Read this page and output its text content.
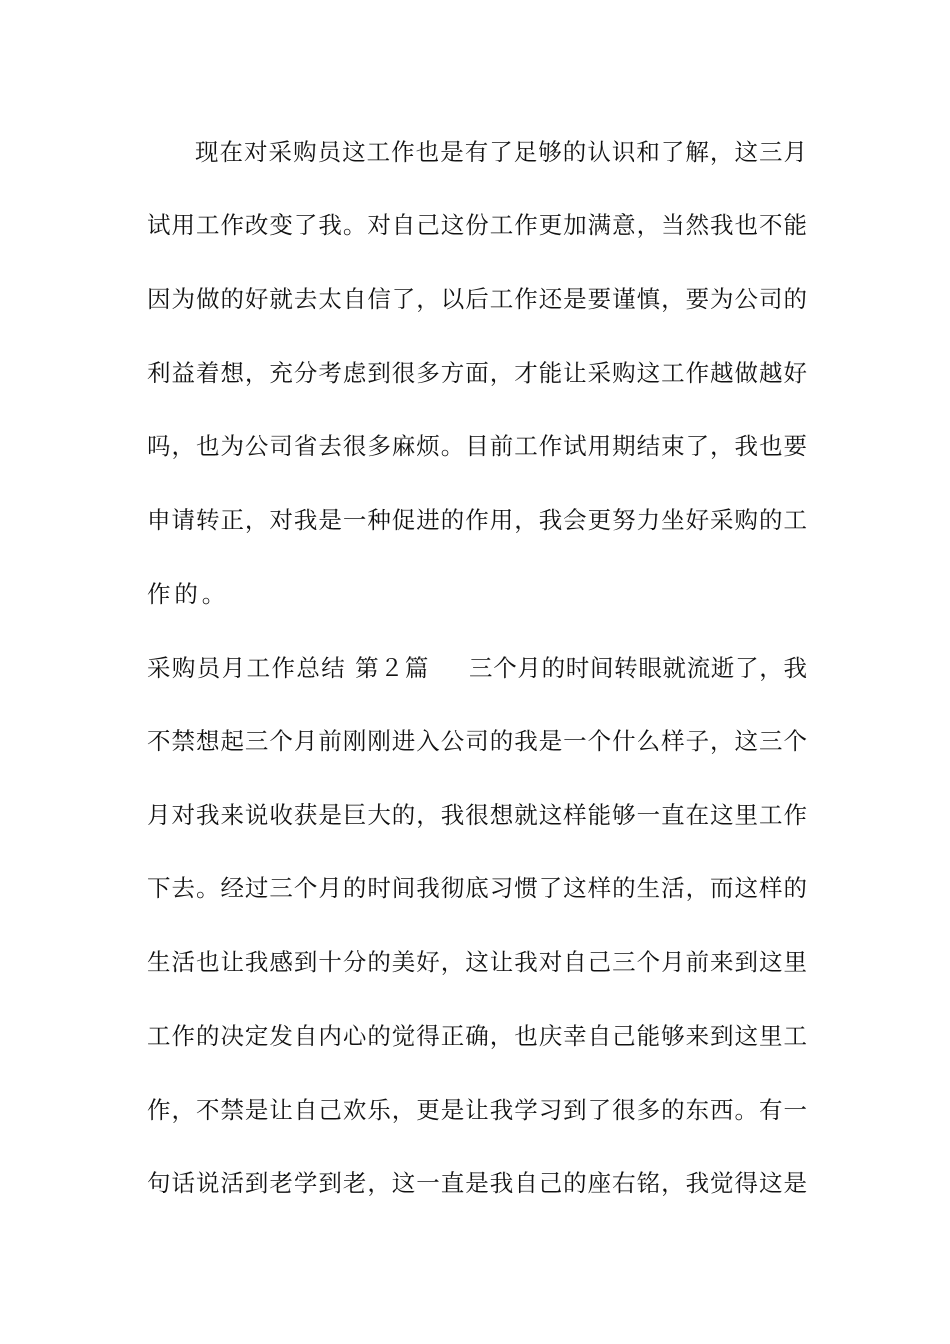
现在对采购员这工作也是有了足够的认识和了解，这三月
试用工作改变了我。对自己这份工作更加满意，当然我也不能
因为做的好就去太自信了，以后工作还是要谨慎，要为公司的
利益着想，充分考虑到很多方面，才能让采购这工作越做越好
吗，也为公司省去很多麻烦。目前工作试用期结束了，我也要
申请转正，对我是一种促进的作用，我会更努力坐好采购的工
作的。
采购员月工作总结 第２篇 三个月的时间转眼就流逝了，我
不禁想起三个月前刚刚进入公司的我是一个什么样子，这三个
月对我来说收获是巨大的，我很想就这样能够一直在这里工作
下去。经过三个月的时间我彻底习惯了这样的生活，而这样的
生活也让我感到十分的美好，这让我对自己三个月前来到这里
工作的决定发自内心的觉得正确，也庆幸自己能够来到这里工
作，不禁是让自己欢乐，更是让我学习到了很多的东西。有一
句话说活到老学到老，这一直是我自己的座右铭，我觉得这是
